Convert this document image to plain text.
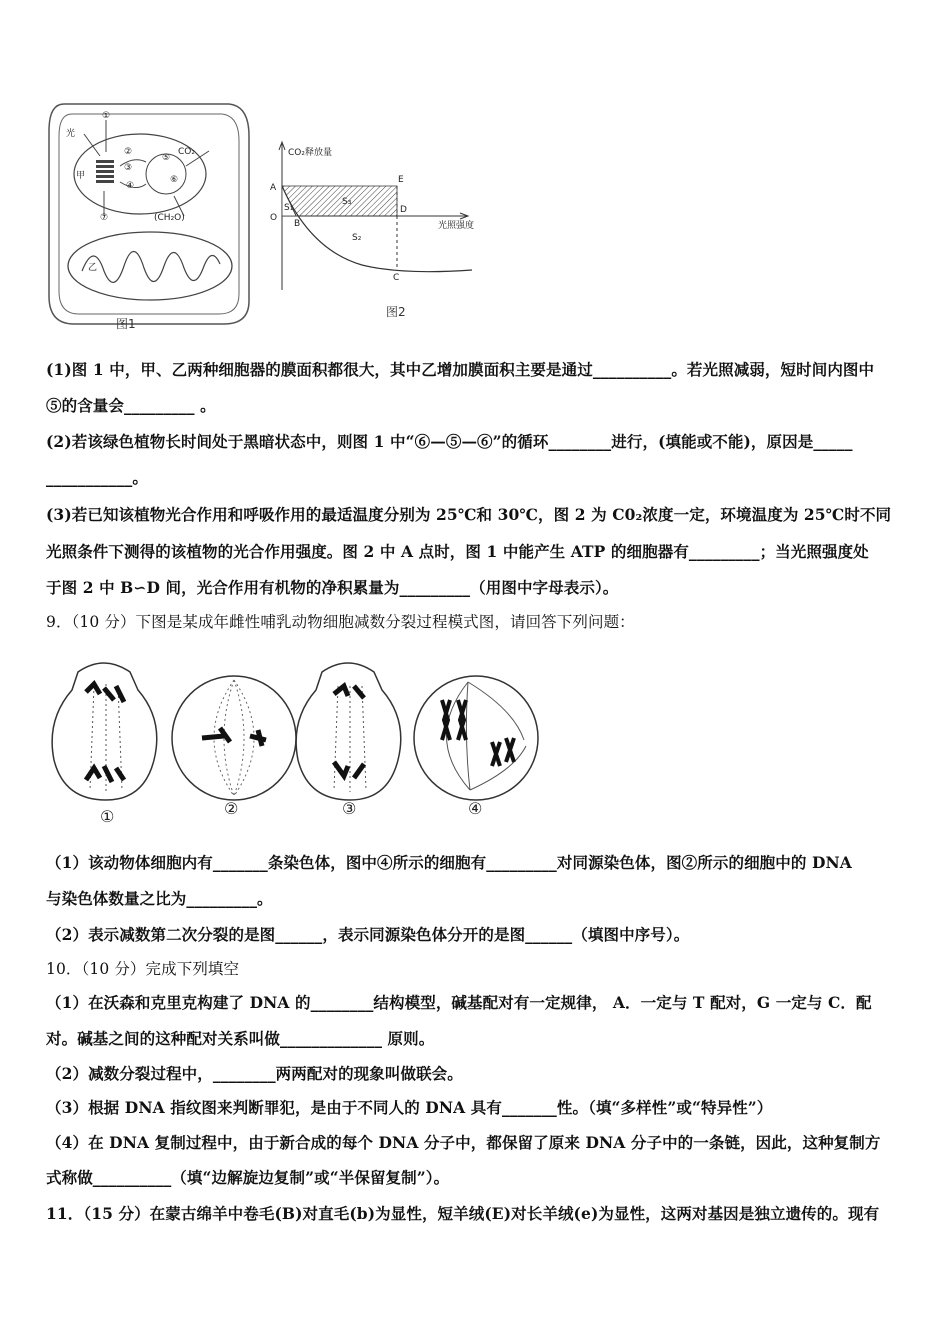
光
①
甲
②
③
④
⑤
⑥
CO₂
⑦	(CH₂O)
乙
图1
CO₂释放量
光照强度
A
O
S₁
B
S₃
E
D
S₂
C
图2
(1)图 1 中，甲、乙两种细胞器的膜面积都很大，其中乙增加膜面积主要是通过__________。若光照减弱，短时间内图中
⑤的含量会_________ 。
(2)若该绿色植物长时间处于黑暗状态中，则图 1 中“⑥—⑤—⑥”的循环________进行，(填能或不能)，原因是_____
___________。
(3)若已知该植物光合作用和呼吸作用的最适温度分别为 25℃和 30℃，图 2 为 C0₂浓度一定，环境温度为 25℃时不同
光照条件下测得的该植物的光合作用强度。图 2 中 A 点时，图 1 中能产生 ATP 的细胞器有_________；当光照强度处
于图 2 中 B∽D 间，光合作用有机物的净积累量为_________（用图中字母表示）。
9．（10 分）下图是某成年雌性哺乳动物细胞减数分裂过程模式图，请回答下列问题：
①	②	③	④
（1）该动物体细胞内有_______条染色体，图中④所示的细胞有_________对同源染色体，图②所示的细胞中的 DNA
与染色体数量之比为_________。
（2）表示减数第二次分裂的是图______，表示同源染色体分开的是图______（填图中序号）。
10．（10 分）完成下列填空
（1）在沃森和克里克构建了 DNA 的________结构模型，碱基配对有一定规律， A．一定与 T 配对，G 一定与 C．配
对。碱基之间的这种配对关系叫做_____________ 原则。
（2）减数分裂过程中，________两两配对的现象叫做联会。
（3）根据 DNA 指纹图来判断罪犯，是由于不同人的 DNA 具有_______性。（填“多样性”或“特异性”）
（4）在 DNA 复制过程中，由于新合成的每个 DNA 分子中，都保留了原来 DNA 分子中的一条链，因此，这种复制方
式称做__________（填“边解旋边复制”或“半保留复制”）。
11．（15 分）在蒙古绵羊中卷毛(B)对直毛(b)为显性，短羊绒(E)对长羊绒(e)为显性，这两对基因是独立遗传的。现有
